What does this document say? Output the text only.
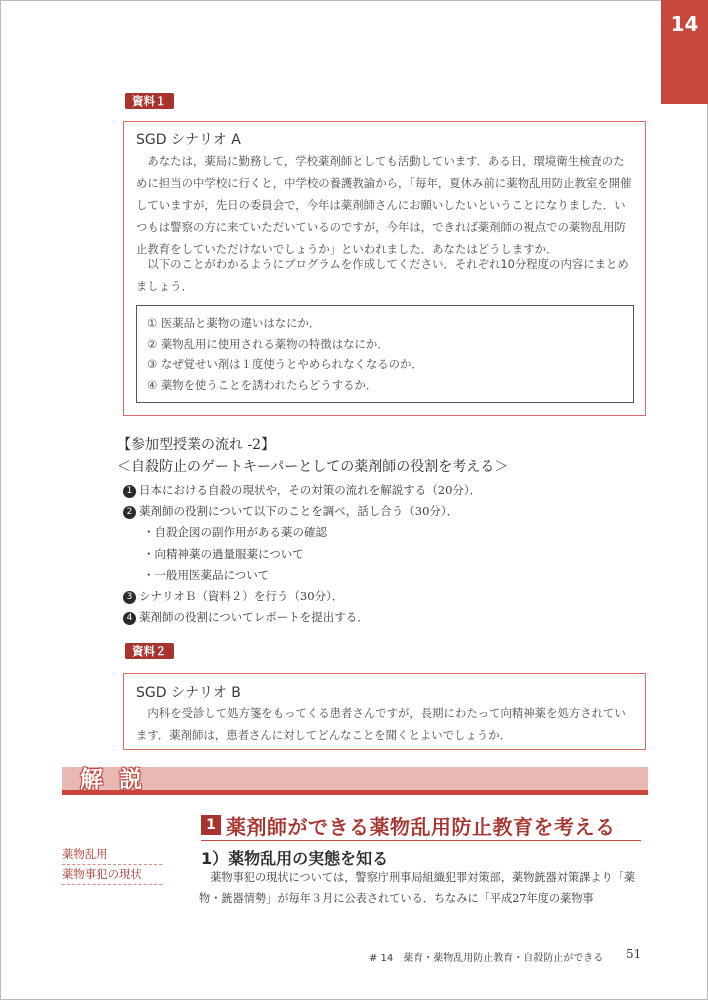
14
資料１
SGD シナリオ A
あなたは，薬局に勤務して，学校薬剤師としても活動しています．ある日，環境衛生検査のために担当の中学校に行くと，中学校の養護教諭から，「毎年，夏休み前に薬物乱用防止教室を開催していますが，先日の委員会で，今年は薬剤師さんにお願いしたいということになりました．いつもは警察の方に来ていただいているのですが，今年は，できれば薬剤師の視点での薬物乱用防止教育をしていただけないでしょうか」といわれました．あなたはどうしますか．
以下のことがわかるようにプログラムを作成してください．それぞれ10分程度の内容にまとめましょう．
① 医薬品と薬物の違いはなにか．
② 薬物乱用に使用される薬物の特徴はなにか．
③ なぜ覚せい剤は１度使うとやめられなくなるのか．
④ 薬物を使うことを誘われたらどうするか．
【参加型授業の流れ -2】
＜自殺防止のゲートキーパーとしての薬剤師の役割を考える＞
1 日本における自殺の現状や，その対策の流れを解説する（20分）．
2 薬剤師の役割について以下のことを調べ，話し合う（30分）．
・自殺企図の副作用がある薬の確認
・向精神薬の過量服薬について
・一般用医薬品について
3 シナリオＢ（資料２）を行う（30分）．
4 薬剤師の役割についてレポートを提出する．
資料２
SGD シナリオ B
内科を受診して処方箋をもってくる患者さんですが，長期にわたって向精神薬を処方されています．薬剤師は，患者さんに対してどんなことを聞くとよいでしょうか．
解説
1 薬剤師ができる薬物乱用防止教育を考える
1）薬物乱用の実態を知る
薬物乱用
薬物事犯の現状	薬物事犯の現状については，警察庁刑事局組織犯罪対策部，薬物銃器対策課より「薬物・銃器情勢」が毎年３月に公表されている．ちなみに「平成27年度の薬物事
# 14　薬育・薬物乱用防止教育・自殺防止ができる 51
